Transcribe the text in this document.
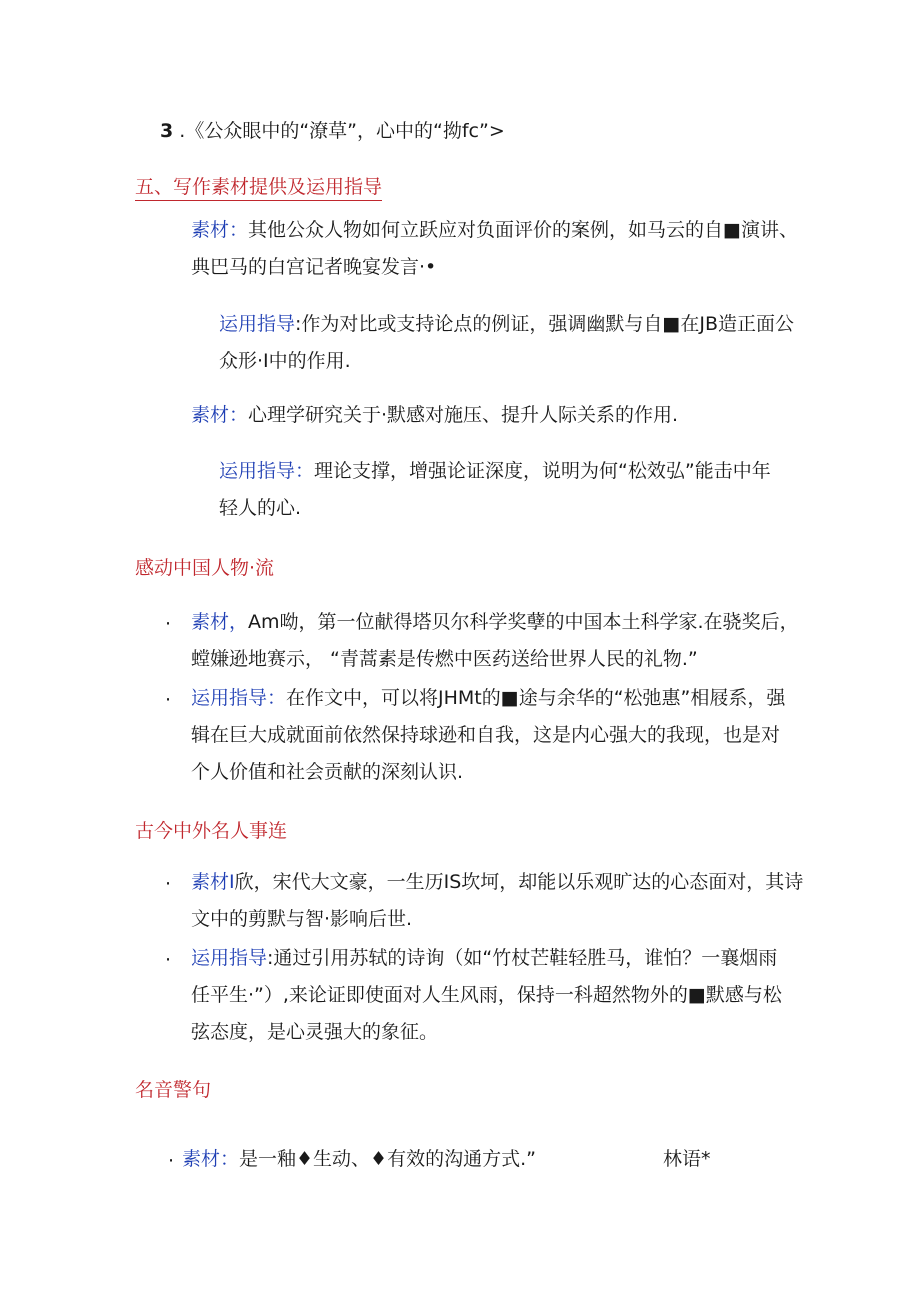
3 .《公众眼中的“潦草”，心中的“拗fc”>
五、写作素材提供及运用指导
素材：其他公众人物如何立跃应对负面评价的案例，如马云的自■演讲、
典巴马的白宫记者晚宴发言·•
运用指导:作为对比或支持论点的例证，强调幽默与自■在JB造正面公
众形·I中的作用.
素材：心理学研究关于·默感对施压、提升人际关系的作用.
运用指导：理论支撑，增强论证深度，说明为何“松效弘”能击中年
轻人的心.
感动中国人物·流
· 素材，Am呦，第一位献得塔贝尔科学奖孽的中国本土科学家.在骁奖后，
螳嫌逊地赛示， “青蒿素是传燃中医药送给世界人民的礼物.”
· 运用指导：在作文中，可以将JHMt的■途与余华的“松弛惠”相屐系，强
辑在巨大成就面前依然保持球逊和自我，这是内心强大的我现，也是对
个人价值和社会贡献的深刻认识.
古今中外名人事连
· 素材I欣，宋代大文豪，一生历IS坎坷，却能以乐观旷达的心态面对，其诗
文中的剪默与智·影响后世.
· 运用指导:通过引用苏轼的诗询（如“竹杖芒鞋轻胜马，谁怕？一襄烟雨
任平生·”）,来论证即使面对人生风雨，保持一科超然物外的■默感与松
弦态度，是心灵强大的象征。
名音警句
· 素材：是一釉♦生动、♦有效的沟通方式.”	林语*
